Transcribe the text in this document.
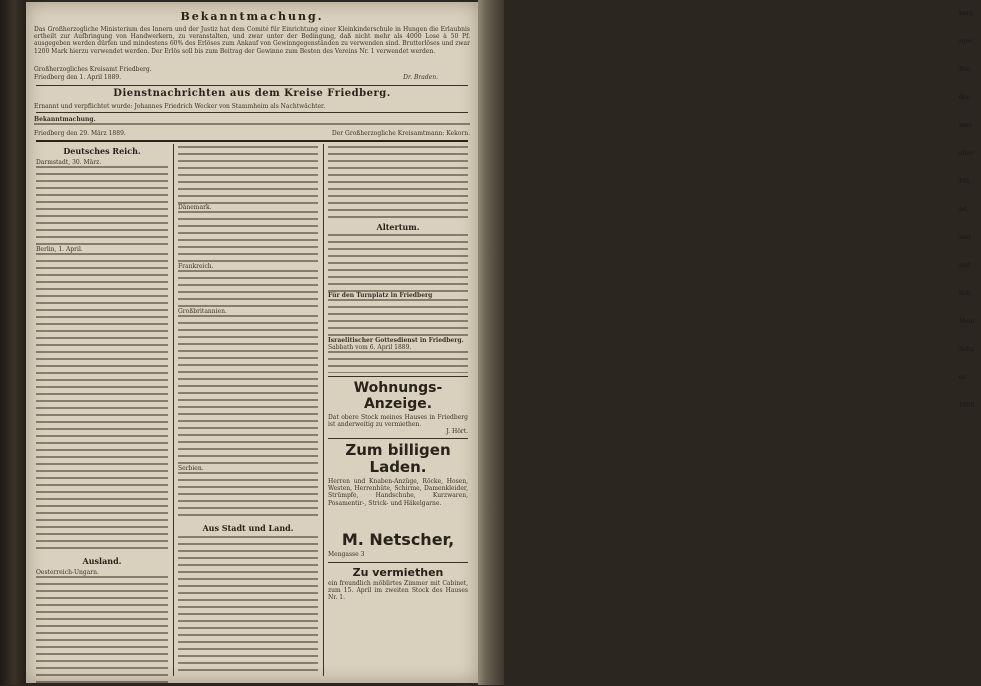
berg
rger
Bre
den
men
alter
Pfd.
nd,
ssel
und
lich
Mein
Schu
en
1888
Bekanntmachung.
Das Großherzogliche Ministerium des Innern und der Justiz hat dem Comité für Einrichtung einer Kleinkinderschule in Hungen die Erlaubnis ertheilt zur Aufbringung von Handwerkern, zu veranstalten, und zwar unter der Bedingung, daß nicht mehr als 4000 Lose à 50 Pf. ausgegeben werden dürfen und mindestens 60% des Erlöses zum Ankauf von Gewinngegenständen zu verwenden sind. Brutterlöses und zwar 1200 Mark hierzu verwendet werden. Der Erlös soll bis zum Beitrag der Gewinne zum Besten des Vereins Nr. 1 verwendet werden.
Großherzogliches Kreisamt Friedberg.
Friedberg den 1. April 1889.	Dr. Braden.
Dienstnachrichten aus dem Kreise Friedberg.
Ernannt und verpflichtet wurde: Johannes Friedrich Wecker von Stammheim als Nachtwächter.
Bekanntmachung.
Friedberg den 29. März 1889.	Der Großherzogliche Kreisamtmann: Kekorn.
Deutsches Reich.
Darmstadt, 30. März.
Berlin, 1. April.
Ausland.
Oesterreich-Ungarn.
Dänemark.
Frankreich.
Großbritannien.
Serbien.
Aus Stadt und Land.
Altertum.
Für den Turnplatz in Friedberg
Israelitischer Gottesdienst in Friedberg.
Sabbath vom 6. April 1889.
Wohnungs-Anzeige.
Dat obere Stock meines Hauses in Friedberg ist anderweitig zu vermiethen.
J. Hört.
Zum billigen Laden.
Herren und Knaben-Anzüge, Röcke, Hosen, Westen, Herrenhüte, Schirme, Damenkleider, Strümpfe, Handschuhe, Kurzwaren, Posamentir-, Strick- und Häkelgarne.
M. Netscher,
Mengasse 3
Zu vermiethen
ein freundlich möblirtes Zimmer mit Cabinet, zum 15. April im zweiten Stock des Hauses Nr. 1.
